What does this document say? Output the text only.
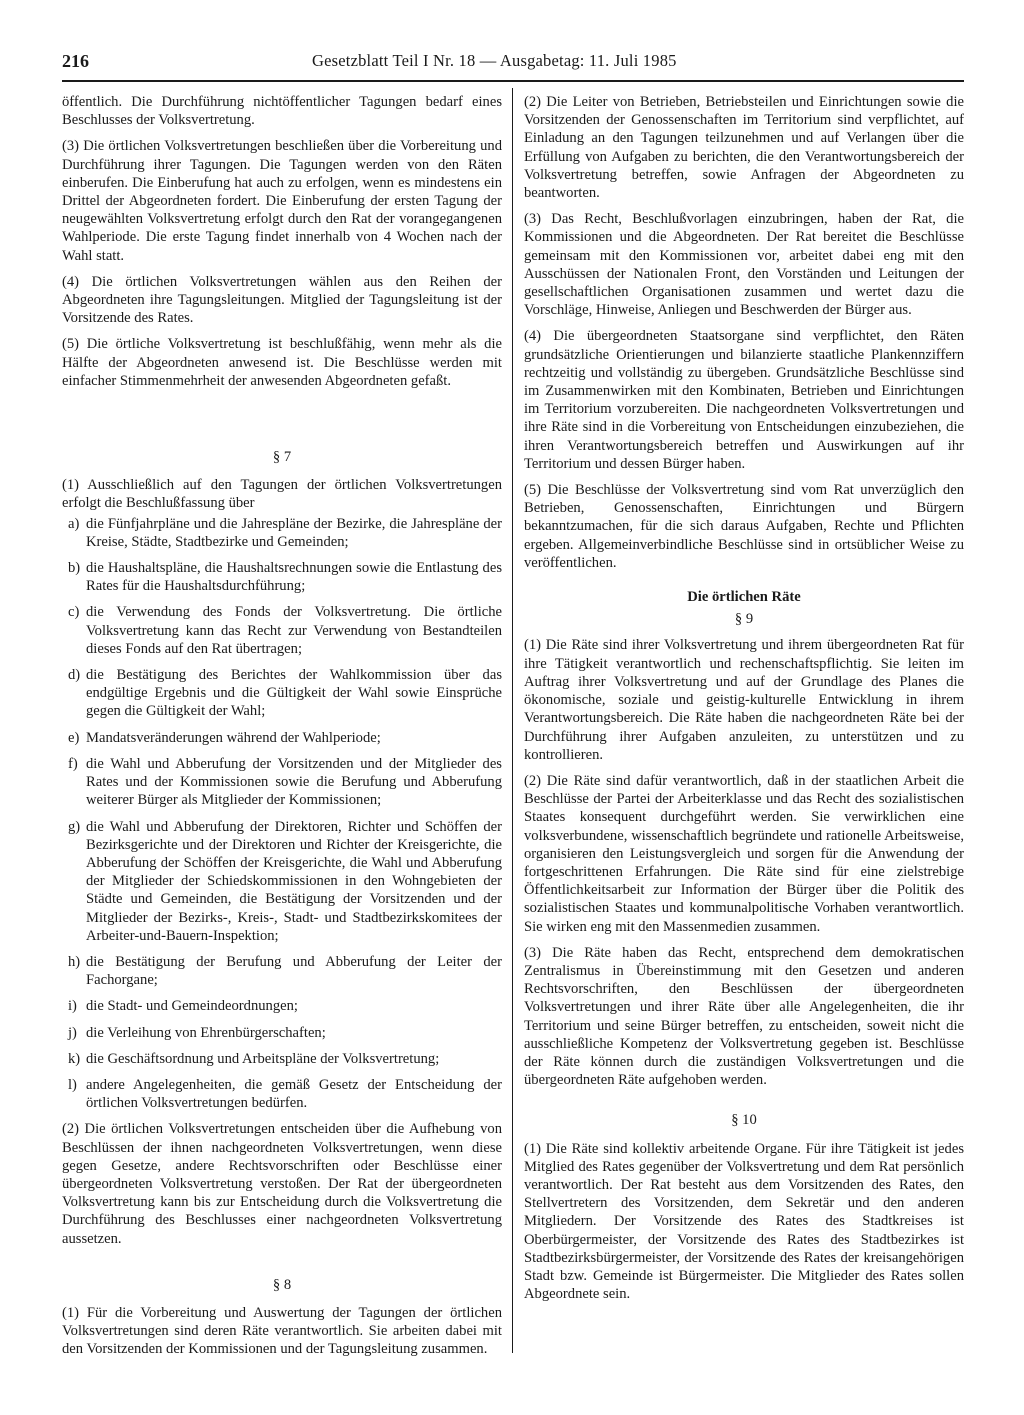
216	Gesetzblatt Teil I Nr. 18 — Ausgabetag: 11. Juli 1985

öffentlich. Die Durchführung nichtöffentlicher Tagungen bedarf eines Beschlusses der Volksvertretung.

(3) Die örtlichen Volksvertretungen beschließen über die Vorbereitung und Durchführung ihrer Tagungen. Die Tagungen werden von den Räten einberufen. Die Einberufung hat auch zu erfolgen, wenn es mindestens ein Drittel der Abgeordneten fordert. Die Einberufung der ersten Tagung der neugewählten Volksvertretung erfolgt durch den Rat der vorangegangenen Wahlperiode. Die erste Tagung findet innerhalb von 4 Wochen nach der Wahl statt.

(4) Die örtlichen Volksvertretungen wählen aus den Reihen der Abgeordneten ihre Tagungsleitungen. Mitglied der Tagungsleitung ist der Vorsitzende des Rates.

(5) Die örtliche Volksvertretung ist beschlußfähig, wenn mehr als die Hälfte der Abgeordneten anwesend ist. Die Beschlüsse werden mit einfacher Stimmenmehrheit der anwesenden Abgeordneten gefaßt.

§ 7

(1) Ausschließlich auf den Tagungen der örtlichen Volksvertretungen erfolgt die Beschlußfassung über

a) die Fünfjahrpläne und die Jahrespläne der Bezirke, die Jahrespläne der Kreise, Städte, Stadtbezirke und Gemeinden;

b) die Haushaltspläne, die Haushaltsrechnungen sowie die Entlastung des Rates für die Haushaltsdurchführung;

c) die Verwendung des Fonds der Volksvertretung. Die örtliche Volksvertretung kann das Recht zur Verwendung von Bestandteilen dieses Fonds auf den Rat übertragen;

d) die Bestätigung des Berichtes der Wahlkommission über das endgültige Ergebnis und die Gültigkeit der Wahl sowie Einsprüche gegen die Gültigkeit der Wahl;

e) Mandatsveränderungen während der Wahlperiode;

f) die Wahl und Abberufung der Vorsitzenden und der Mitglieder des Rates und der Kommissionen sowie die Berufung und Abberufung weiterer Bürger als Mitglieder der Kommissionen;

g) die Wahl und Abberufung der Direktoren, Richter und Schöffen der Bezirksgerichte und der Direktoren und Richter der Kreisgerichte, die Abberufung der Schöffen der Kreisgerichte, die Wahl und Abberufung der Mitglieder der Schiedskommissionen in den Wohngebieten der Städte und Gemeinden, die Bestätigung der Vorsitzenden und der Mitglieder der Bezirks-, Kreis-, Stadt- und Stadtbezirkskomitees der Arbeiter-und-Bauern-Inspektion;

h) die Bestätigung der Berufung und Abberufung der Leiter der Fachorgane;

i) die Stadt- und Gemeindeordnungen;

j) die Verleihung von Ehrenbürgerschaften;

k) die Geschäftsordnung und Arbeitspläne der Volksvertretung;

l) andere Angelegenheiten, die gemäß Gesetz der Entscheidung der örtlichen Volksvertretungen bedürfen.

(2) Die örtlichen Volksvertretungen entscheiden über die Aufhebung von Beschlüssen der ihnen nachgeordneten Volksvertretungen, wenn diese gegen Gesetze, andere Rechtsvorschriften oder Beschlüsse einer übergeordneten Volksvertretung verstoßen. Der Rat der übergeordneten Volksvertretung kann bis zur Entscheidung durch die Volksvertretung die Durchführung des Beschlusses einer nachgeordneten Volksvertretung aussetzen.

§ 8

(1) Für die Vorbereitung und Auswertung der Tagungen der örtlichen Volksvertretungen sind deren Räte verantwortlich. Sie arbeiten dabei mit den Vorsitzenden der Kommissionen und der Tagungsleitung zusammen.

(2) Die Leiter von Betrieben, Betriebsteilen und Einrichtungen sowie die Vorsitzenden der Genossenschaften im Territorium sind verpflichtet, auf Einladung an den Tagungen teilzunehmen und auf Verlangen über die Erfüllung von Aufgaben zu berichten, die den Verantwortungsbereich der Volksvertretung betreffen, sowie Anfragen der Abgeordneten zu beantworten.

(3) Das Recht, Beschlußvorlagen einzubringen, haben der Rat, die Kommissionen und die Abgeordneten. Der Rat bereitet die Beschlüsse gemeinsam mit den Kommissionen vor, arbeitet dabei eng mit den Ausschüssen der Nationalen Front, den Vorständen und Leitungen der gesellschaftlichen Organisationen zusammen und wertet dazu die Vorschläge, Hinweise, Anliegen und Beschwerden der Bürger aus.

(4) Die übergeordneten Staatsorgane sind verpflichtet, den Räten grundsätzliche Orientierungen und bilanzierte staatliche Plankennziffern rechtzeitig und vollständig zu übergeben. Grundsätzliche Beschlüsse sind im Zusammenwirken mit den Kombinaten, Betrieben und Einrichtungen im Territorium vorzubereiten. Die nachgeordneten Volksvertretungen und ihre Räte sind in die Vorbereitung von Entscheidungen einzubeziehen, die ihren Verantwortungsbereich betreffen und Auswirkungen auf ihr Territorium und dessen Bürger haben.

(5) Die Beschlüsse der Volksvertretung sind vom Rat unverzüglich den Betrieben, Genossenschaften, Einrichtungen und Bürgern bekanntzumachen, für die sich daraus Aufgaben, Rechte und Pflichten ergeben. Allgemeinverbindliche Beschlüsse sind in ortsüblicher Weise zu veröffentlichen.

Die örtlichen Räte

§ 9

(1) Die Räte sind ihrer Volksvertretung und ihrem übergeordneten Rat für ihre Tätigkeit verantwortlich und rechenschaftspflichtig. Sie leiten im Auftrag ihrer Volksvertretung und auf der Grundlage des Planes die ökonomische, soziale und geistig-kulturelle Entwicklung in ihrem Verantwortungsbereich. Die Räte haben die nachgeordneten Räte bei der Durchführung ihrer Aufgaben anzuleiten, zu unterstützen und zu kontrollieren.

(2) Die Räte sind dafür verantwortlich, daß in der staatlichen Arbeit die Beschlüsse der Partei der Arbeiterklasse und das Recht des sozialistischen Staates konsequent durchgeführt werden. Sie verwirklichen eine volksverbundene, wissenschaftlich begründete und rationelle Arbeitsweise, organisieren den Leistungsvergleich und sorgen für die Anwendung der fortgeschrittenen Erfahrungen. Die Räte sind für eine zielstrebige Öffentlichkeitsarbeit zur Information der Bürger über die Politik des sozialistischen Staates und kommunalpolitische Vorhaben verantwortlich. Sie wirken eng mit den Massenmedien zusammen.

(3) Die Räte haben das Recht, entsprechend dem demokratischen Zentralismus in Übereinstimmung mit den Gesetzen und anderen Rechtsvorschriften, den Beschlüssen der übergeordneten Volksvertretungen und ihrer Räte über alle Angelegenheiten, die ihr Territorium und seine Bürger betreffen, zu entscheiden, soweit nicht die ausschließliche Kompetenz der Volksvertretung gegeben ist. Beschlüsse der Räte können durch die zuständigen Volksvertretungen und die übergeordneten Räte aufgehoben werden.

§ 10

(1) Die Räte sind kollektiv arbeitende Organe. Für ihre Tätigkeit ist jedes Mitglied des Rates gegenüber der Volksvertretung und dem Rat persönlich verantwortlich. Der Rat besteht aus dem Vorsitzenden des Rates, den Stellvertretern des Vorsitzenden, dem Sekretär und den anderen Mitgliedern. Der Vorsitzende des Rates des Stadtkreises ist Oberbürgermeister, der Vorsitzende des Rates des Stadtbezirkes ist Stadtbezirksbürgermeister, der Vorsitzende des Rates der kreisangehörigen Stadt bzw. Gemeinde ist Bürgermeister. Die Mitglieder des Rates sollen Abgeordnete sein.
